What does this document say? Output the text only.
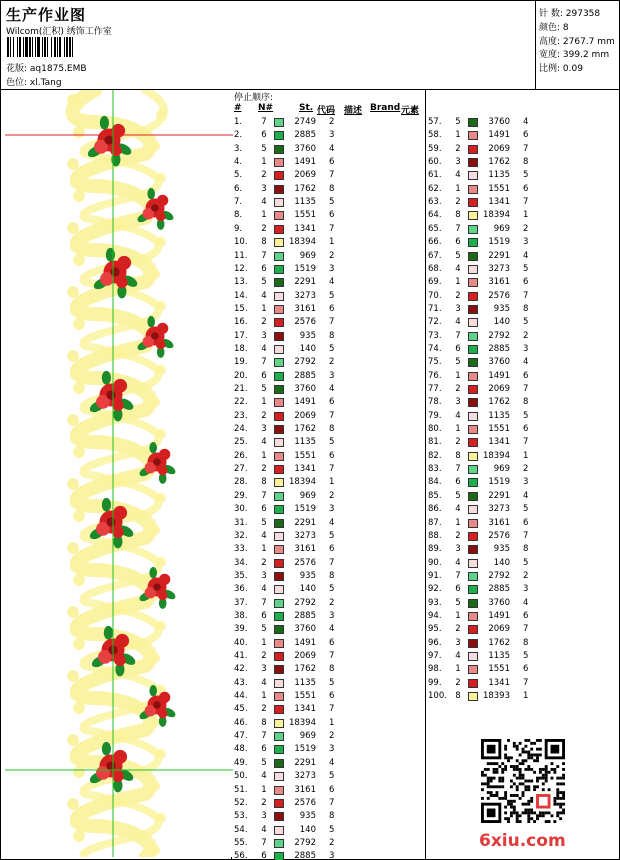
生产作业图
Wilcom(汇积) 绣饰工作室
花版: aq1875.EMB
色位: xl.Tang
针 数: 297358
颜色: 8
高度: 2767.7 mm
宽度: 399.2 mm
比例: 0.09
停止顺序:
# N#	St. 代码 描述 Brand 元素
1.	7	2749 2
2.	6	2885 3
3.	5	3760 4
4.	1	1491 6
5.	2	2069 7
6.	3	1762 8
7.	4	1135 5
8.	1	1551 6
9.	2	1341 7
10.	8	18394 1
11.	7	969 2
12.	6	1519 3
13.	5	2291 4
14.	4	3273 5
15.	1	3161 6
16.	2	2576 7
17.	3	935 8
18.	4	140 5
19.	7	2792 2
20.	6	2885 3
21.	5	3760 4
22.	1	1491 6
23.	2	2069 7
24.	3	1762 8
25.	4	1135 5
26.	1	1551 6
27.	2	1341 7
28.	8	18394 1
29.	7	969 2
30.	6	1519 3
31.	5	2291 4
32.	4	3273 5
33.	1	3161 6
34.	2	2576 7
35.	3	935 8
36.	4	140 5
37.	7	2792 2
38.	6	2885 3
39.	5	3760 4
40.	1	1491 6
41.	2	2069 7
42.	3	1762 8
43.	4	1135 5
44.	1	1551 6
45.	2	1341 7
46.	8	18394 1
47.	7	969 2
48.	6	1519 3
49.	5	2291 4
50.	4	3273 5
51.	1	3161 6
52.	2	2576 7
53.	3	935 8
54.	4	140 5
55.	7	2792 2
56.	6	2885 3
57.	5	3760 4
58.	1	1491 6
59.	2	2069 7
60.	3	1762 8
61.	4	1135 5
62.	1	1551 6
63.	2	1341 7
64.	8	18394 1
65.	7	969 2
66.	6	1519 3
67.	5	2291 4
68.	4	3273 5
69.	1	3161 6
70.	2	2576 7
71.	3	935 8
72.	4	140 5
73.	7	2792 2
74.	6	2885 3
75.	5	3760 4
76.	1	1491 6
77.	2	2069 7
78.	3	1762 8
79.	4	1135 5
80.	1	1551 6
81.	2	1341 7
82.	8	18394 1
83.	7	969 2
84.	6	1519 3
85.	5	2291 4
86.	4	3273 5
87.	1	3161 6
88.	2	2576 7
89.	3	935 8
90.	4	140 5
91.	7	2792 2
92.	6	2885 3
93.	5	3760 4
94.	1	1491 6
95.	2	2069 7
96.	3	1762 8
97.	4	1135 5
98.	1	1551 6
99.	2	1341 7
100. 8	18393 1
6xiu.com
